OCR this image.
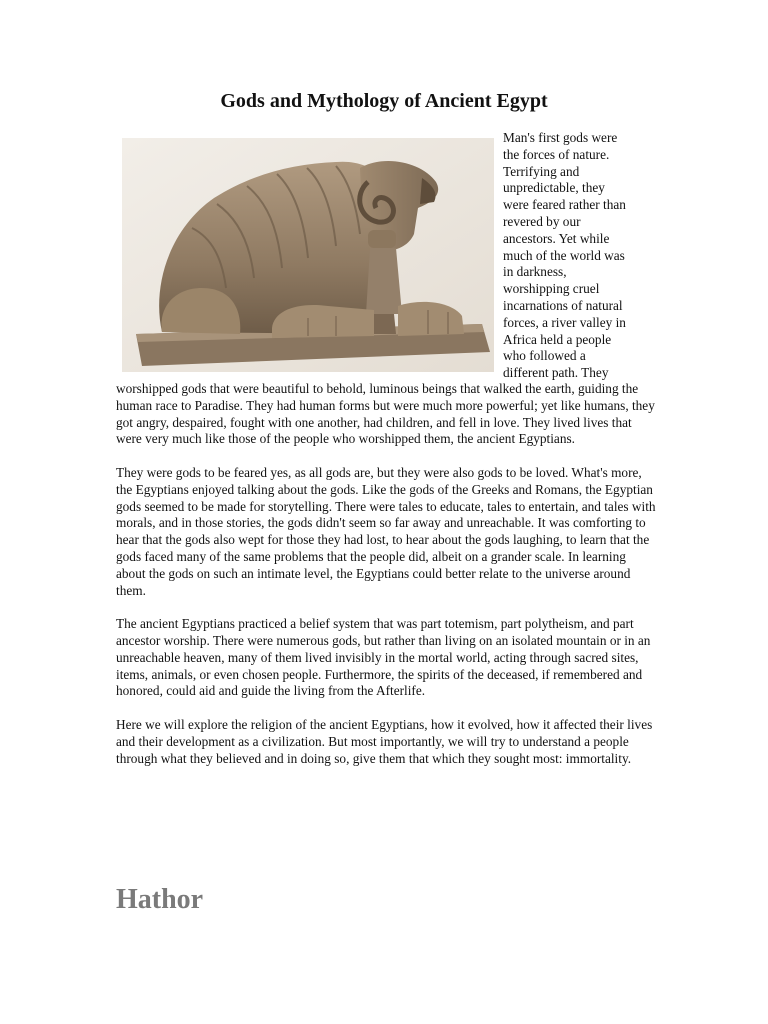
Gods and Mythology of Ancient Egypt
Man's first gods were
the forces of nature.
Terrifying and
unpredictable, they
were feared rather than
revered by our
ancestors. Yet while
much of the world was
in darkness,
worshipping cruel
incarnations of natural
forces, a river valley in
Africa held a people
who followed a
different path. They

worshipped gods that were beautiful to behold, luminous beings that walked the earth, guiding the human race to Paradise. They had human forms but were much more powerful; yet like humans, they got angry, despaired, fought with one another, had children, and fell in love. They lived lives that were very much like those of the people who worshipped them, the ancient Egyptians.

They were gods to be feared yes, as all gods are, but they were also gods to be loved. What's more, the Egyptians enjoyed talking about the gods. Like the gods of the Greeks and Romans, the Egyptian gods seemed to be made for storytelling. There were tales to educate, tales to entertain, and tales with morals, and in those stories, the gods didn't seem so far away and unreachable. It was comforting to hear that the gods also wept for those they had lost, to hear about the gods laughing, to learn that the gods faced many of the same problems that the people did, albeit on a grander scale. In learning about the gods on such an intimate level, the Egyptians could better relate to the universe around them.

The ancient Egyptians practiced a belief system that was part totemism, part polytheism, and part ancestor worship. There were numerous gods, but rather than living on an isolated mountain or in an unreachable heaven, many of them lived invisibly in the mortal world, acting through sacred sites, items, animals, or even chosen people. Furthermore, the spirits of the deceased, if remembered and honored, could aid and guide the living from the Afterlife.

Here we will explore the religion of the ancient Egyptians, how it evolved, how it affected their lives and their development as a civilization. But most importantly, we will try to understand a people through what they believed and in doing so, give them that which they sought most: immortality.

Hathor
